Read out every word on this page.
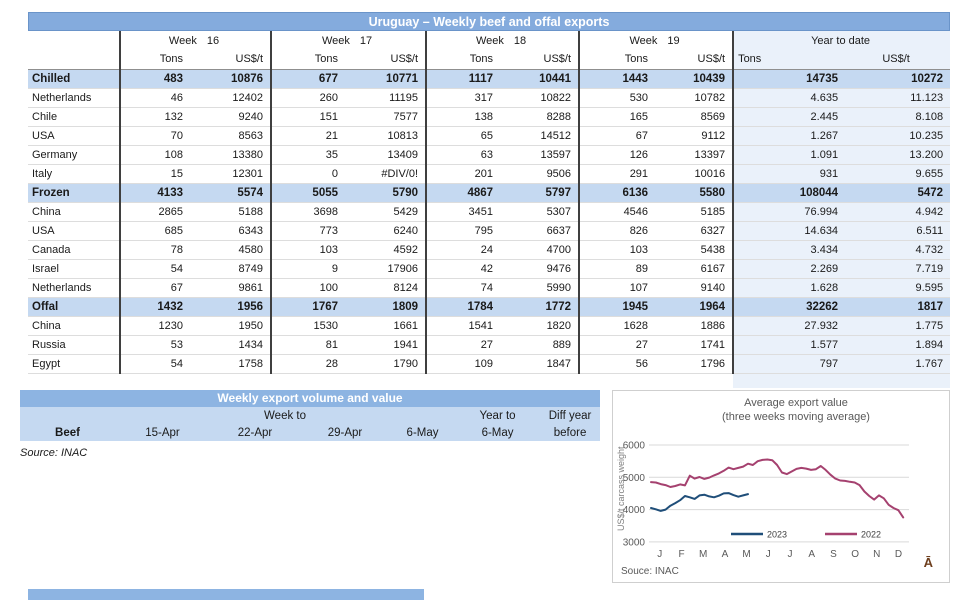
Uruguay – Weekly beef and offal exports

	Week 16		Week 17		Week 18		Week 19		Year to date	
	Tons	US$/t	Tons	US$/t	Tons	US$/t	Tons	US$/t	Tons	US$/t
Chilled	483	10876	677	10771	1117	10441	1443	10439	14735	10272
Netherlands	46	12402	260	11195	317	10822	530	10782	4.635	11.123
Chile	132	9240	151	7577	138	8288	165	8569	2.445	8.108
USA	70	8563	21	10813	65	14512	67	9112	1.267	10.235
Germany	108	13380	35	13409	63	13597	126	13397	1.091	13.200
Italy	15	12301	0	#DIV/0!	201	9506	291	10016	931	9.655
Frozen	4133	5574	5055	5790	4867	5797	6136	5580	108044	5472
China	2865	5188	3698	5429	3451	5307	4546	5185	76.994	4.942
USA	685	6343	773	6240	795	6637	826	6327	14.634	6.511
Canada	78	4580	103	4592	24	4700	103	5438	3.434	4.732
Israel	54	8749	9	17906	42	9476	89	6167	2.269	7.719
Netherlands	67	9861	100	8124	74	5990	107	9140	1.628	9.595
Offal	1432	1956	1767	1809	1784	1772	1945	1964	32262	1817
China	1230	1950	1530	1661	1541	1820	1628	1886	27.932	1.775
Russia	53	1434	81	1941	27	889	27	1741	1.577	1.894
Egypt	54	1758	28	1790	109	1847	56	1796	797	1.767

Weekly export volume and value
	Week to				Year to	Diff year
Beef	15-Apr	22-Apr	29-Apr	6-May	6-May	before
Source: INAC
3000
4000
5000
6000
J F M A M J J A S O N D
2023	2022
Average export value
(three weeks moving average)
US$/t carcass weight
Souce: INAC
Ā
